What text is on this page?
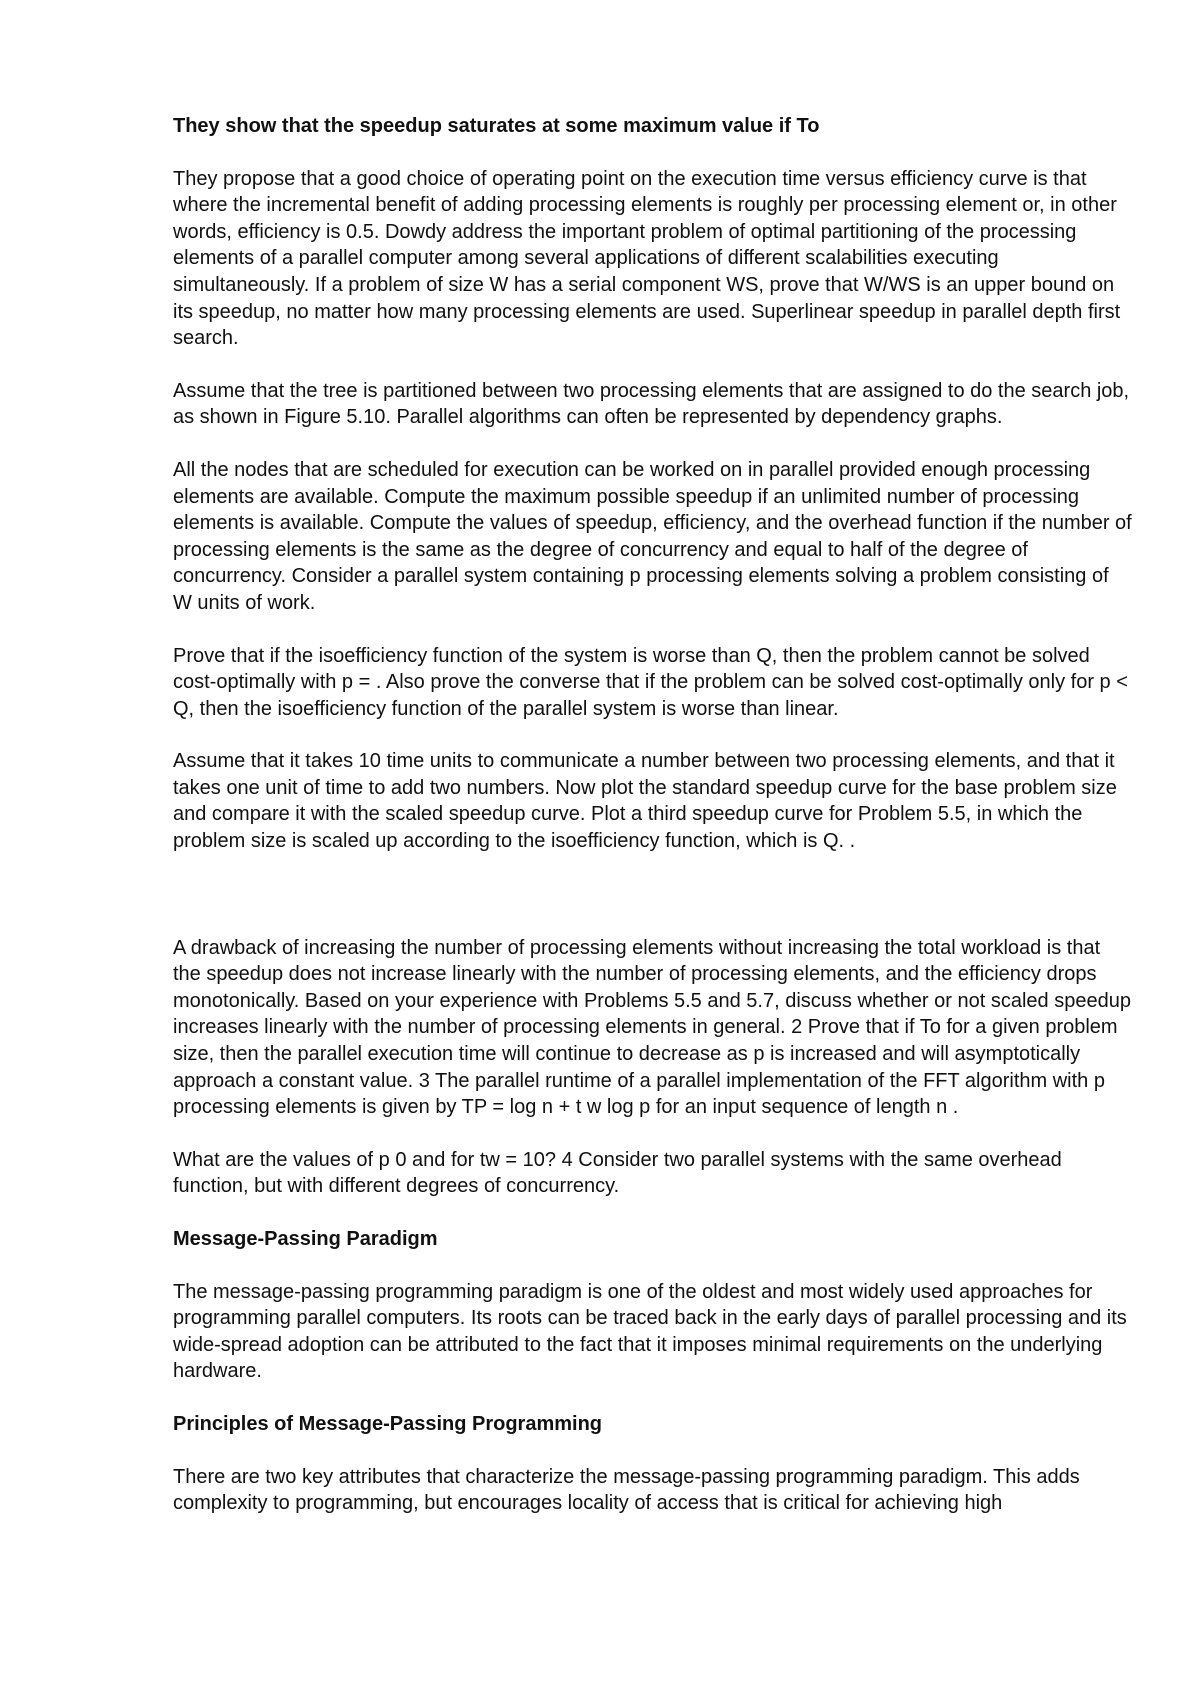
They show that the speedup saturates at some maximum value if To

They propose that a good choice of operating point on the execution time versus efficiency curve is that where the incremental benefit of adding processing elements is roughly per processing element or, in other words, efficiency is 0.5. Dowdy address the important problem of optimal partitioning of the processing elements of a parallel computer among several applications of different scalabilities executing simultaneously. If a problem of size W has a serial component WS, prove that W/WS is an upper bound on its speedup, no matter how many processing elements are used. Superlinear speedup in parallel depth first search.

Assume that the tree is partitioned between two processing elements that are assigned to do the search job, as shown in Figure 5.10. Parallel algorithms can often be represented by dependency graphs.

All the nodes that are scheduled for execution can be worked on in parallel provided enough processing elements are available. Compute the maximum possible speedup if an unlimited number of processing elements is available. Compute the values of speedup, efficiency, and the overhead function if the number of processing elements is the same as the degree of concurrency and equal to half of the degree of concurrency. Consider a parallel system containing p processing elements solving a problem consisting of W units of work.

Prove that if the isoefficiency function of the system is worse than Q, then the problem cannot be solved cost-optimally with p = . Also prove the converse that if the problem can be solved cost-optimally only for p < Q, then the isoefficiency function of the parallel system is worse than linear.

Assume that it takes 10 time units to communicate a number between two processing elements, and that it takes one unit of time to add two numbers. Now plot the standard speedup curve for the base problem size and compare it with the scaled speedup curve. Plot a third speedup curve for Problem 5.5, in which the problem size is scaled up according to the isoefficiency function, which is Q. .

A drawback of increasing the number of processing elements without increasing the total workload is that the speedup does not increase linearly with the number of processing elements, and the efficiency drops monotonically. Based on your experience with Problems 5.5 and 5.7, discuss whether or not scaled speedup increases linearly with the number of processing elements in general. 2 Prove that if To for a given problem size, then the parallel execution time will continue to decrease as p is increased and will asymptotically approach a constant value. 3 The parallel runtime of a parallel implementation of the FFT algorithm with p processing elements is given by TP = log n + t w log p for an input sequence of length n .

What are the values of p 0 and for tw = 10? 4 Consider two parallel systems with the same overhead function, but with different degrees of concurrency.

Message-Passing Paradigm

The message-passing programming paradigm is one of the oldest and most widely used approaches for programming parallel computers. Its roots can be traced back in the early days of parallel processing and its wide-spread adoption can be attributed to the fact that it imposes minimal requirements on the underlying hardware.

Principles of Message-Passing Programming

There are two key attributes that characterize the message-passing programming paradigm. This adds complexity to programming, but encourages locality of access that is critical for achieving high
